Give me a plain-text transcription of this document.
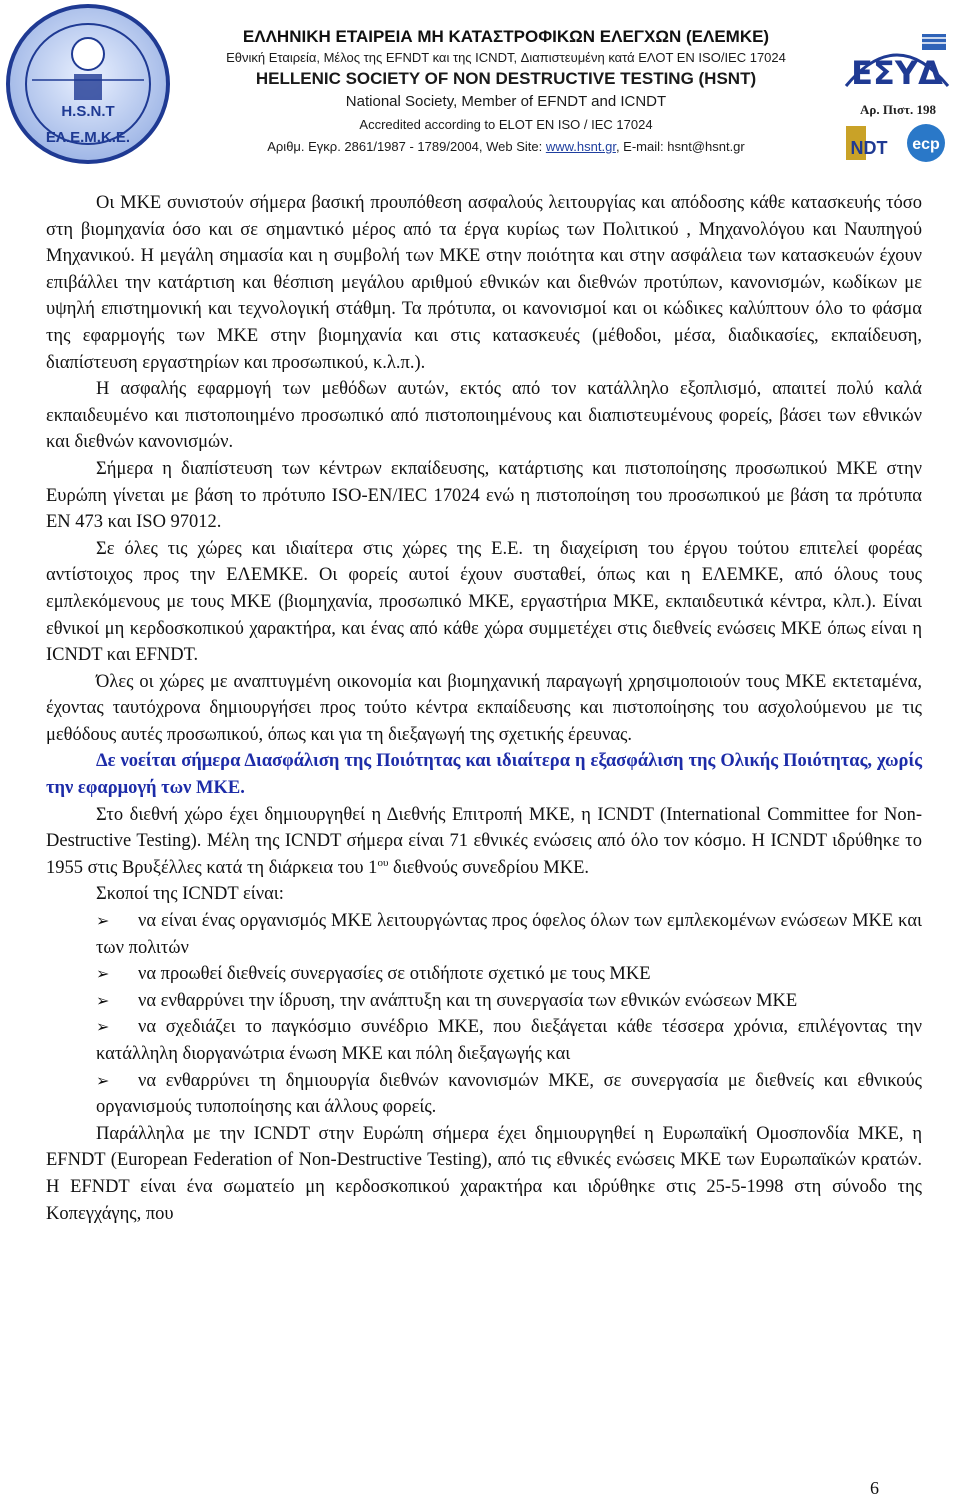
H.S.N.T
ΕΛ.Ε.Μ.Κ.Ε.
ΕΛΛΗΝΙΚΗ ΕΤΑΙΡΕΙΑ ΜΗ ΚΑΤΑΣΤΡΟΦΙΚΩΝ ΕΛΕΓΧΩΝ (ΕΛΕΜΚΕ)
Εθνική Εταιρεία, Μέλος της EFNDT και της ICNDT, Διαπιστευμένη κατά ΕΛΟΤ ΕΝ ISO/IEC 17024
HELLENIC SOCIETY OF NON DESTRUCTIVE TESTING (HSNT)
National Society, Member of EFNDT and ICNDT
Accredited according to ELOT EN ISO / IEC 17024
Αριθμ. Εγκρ. 2861/1987 - 1789/2004, Web Site: www.hsnt.gr, E-mail: hsnt@hsnt.gr
ΕΣΥΔ
Αρ. Πιστ. 198
NDT ecp

Οι ΜΚΕ συνιστούν σήμερα βασική προυπόθεση ασφαλούς λειτουργίας και απόδοσης κάθε κατασκευής τόσο στη βιομηχανία όσο και σε σημαντικό μέρος από τα έργα κυρίως των Πολιτικού , Μηχανολόγου και Ναυπηγού Μηχανικού. Η μεγάλη σημασία και η συμβολή των ΜΚΕ στην ποιότητα και στην ασφάλεια των κατασκευών έχουν επιβάλλει την κατάρτιση και θέσπιση μεγάλου αριθμού εθνικών και διεθνών προτύπων, κανονισμών, κωδίκων με υψηλή επιστημονική και τεχνολογική στάθμη. Τα πρότυπα, οι κανονισμοί και οι κώδικες καλύπτουν όλο το φάσμα της εφαρμογής των ΜΚΕ στην βιομηχανία και στις κατασκευές (μέθοδοι, μέσα, διαδικασίες, εκπαίδευση, διαπίστευση εργαστηρίων και προσωπικού, κ.λ.π.).

Η ασφαλής εφαρμογή των μεθόδων αυτών, εκτός από τον κατάλληλο εξοπλισμό, απαιτεί πολύ καλά εκπαιδευμένο και πιστοποιημένο προσωπικό από πιστοποιημένους και διαπιστευμένους φορείς, βάσει των εθνικών και διεθνών κανονισμών.

Σήμερα η διαπίστευση των κέντρων εκπαίδευσης, κατάρτισης και πιστοποίησης προσωπικού ΜΚΕ στην Ευρώπη γίνεται με βάση το πρότυπο ISO-EN/IEC 17024 ενώ η πιστοποίηση του προσωπικού με βάση τα πρότυπα EN 473 και ISO 97012.

Σε όλες τις χώρες και ιδιαίτερα στις χώρες της Ε.Ε. τη διαχείριση του έργου τούτου επιτελεί φορέας αντίστοιχος προς την ΕΛΕΜΚΕ. Οι φορείς αυτοί έχουν συσταθεί, όπως και η ΕΛΕΜΚΕ, από όλους τους εμπλεκόμενους με τους ΜΚΕ (βιομηχανία, προσωπικό ΜΚΕ, εργαστήρια ΜΚΕ, εκπαιδευτικά κέντρα, κλπ.). Είναι εθνικοί μη κερδοσκοπικού χαρακτήρα, και ένας από κάθε χώρα συμμετέχει στις διεθνείς ενώσεις ΜΚΕ όπως είναι η ICNDT και EFNDT.

Όλες οι χώρες με αναπτυγμένη οικονομία και βιομηχανική παραγωγή χρησιμοποιούν τους ΜΚΕ εκτεταμένα, έχοντας ταυτόχρονα δημιουργήσει προς τούτο κέντρα εκπαίδευσης και πιστοποίησης του ασχολούμενου με τις μεθόδους αυτές προσωπικού, όπως και για τη διεξαγωγή της σχετικής έρευνας.

Δε νοείται σήμερα Διασφάλιση της Ποιότητας και ιδιαίτερα η εξασφάλιση της Ολικής Ποιότητας, χωρίς την εφαρμογή των ΜΚΕ.

Στο διεθνή χώρο έχει δημιουργηθεί η Διεθνής Επιτροπή ΜΚΕ, η ICNDT (International Committee for Non-Destructive Testing). Μέλη της ICNDT σήμερα είναι 71 εθνικές ενώσεις από όλο τον κόσμο. Η ICNDT ιδρύθηκε το 1955 στις Βρυξέλλες κατά τη διάρκεια του $1^{o\upsilon}$ διεθνούς συνεδρίου ΜΚΕ.

Σκοποί της ICNDT είναι:

➢ να είναι ένας οργανισμός ΜΚΕ λειτουργώντας προς όφελος όλων των εμπλεκομένων ενώσεων ΜΚΕ και των πολιτών

➢ να προωθεί διεθνείς συνεργασίες σε οτιδήποτε σχετικό με τους ΜΚΕ

➢ να ενθαρρύνει την ίδρυση, την ανάπτυξη και τη συνεργασία των εθνικών ενώσεων ΜΚΕ

➢ να σχεδιάζει το παγκόσμιο συνέδριο ΜΚΕ, που διεξάγεται κάθε τέσσερα χρόνια, επιλέγοντας την κατάλληλη διοργανώτρια ένωση ΜΚΕ και πόλη διεξαγωγής και

➢ να ενθαρρύνει τη δημιουργία διεθνών κανονισμών ΜΚΕ, σε συνεργασία με διεθνείς και εθνικούς οργανισμούς τυποποίησης και άλλους φορείς.

Παράλληλα με την ICNDT στην Ευρώπη σήμερα έχει δημιουργηθεί η Ευρωπαϊκή Ομοσπονδία ΜΚΕ, η EFNDT (European Federation of Non-Destructive Testing), από τις εθνικές ενώσεις ΜΚΕ των Ευρωπαϊκών κρατών. Η EFNDT είναι ένα σωματείο μη κερδοσκοπικού χαρακτήρα και ιδρύθηκε στις 25-5-1998 στη σύνοδο της Κοπεγχάγης, που

6
